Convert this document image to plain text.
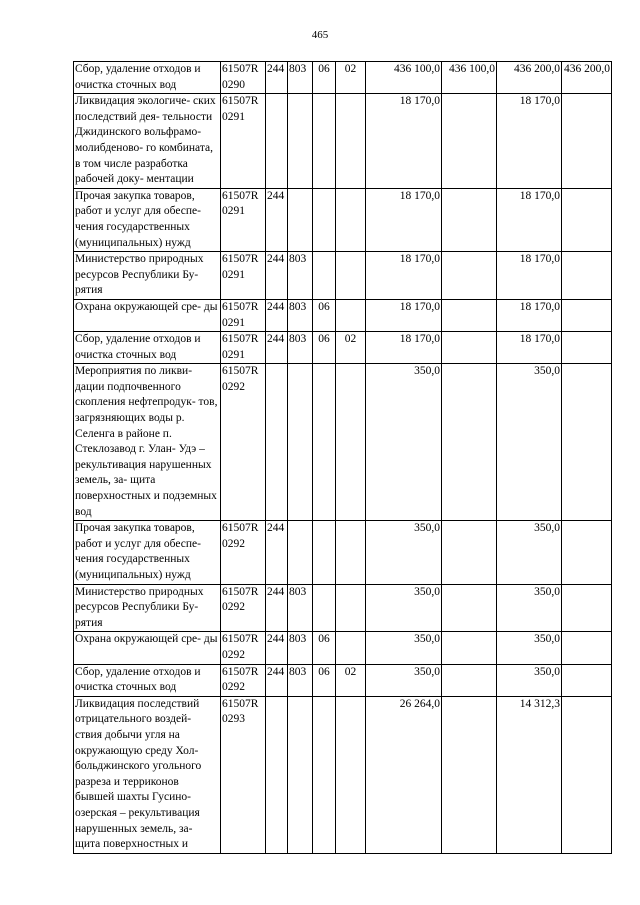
465
Сбор, удаление отходов и очистка сточных вод	61507R 0290	244	803	06	02	436 100,0	436 100,0	436 200,0	436 200,0
Ликвидация экологиче- ских последствий дея- тельности Джидинского вольфрамо-молибденово- го комбината, в том числе разработка рабочей доку- ментации	61507R 0291					18 170,0		18 170,0	
Прочая закупка товаров, работ и услуг для обеспе- чения государственных (муниципальных) нужд	61507R 0291	244				18 170,0		18 170,0	
Министерство природных ресурсов Республики Бу- рятия	61507R 0291	244	803			18 170,0		18 170,0	
Охрана окружающей сре- ды	61507R 0291	244	803	06		18 170,0		18 170,0	
Сбор, удаление отходов и очистка сточных вод	61507R 0291	244	803	06	02	18 170,0		18 170,0	
Мероприятия по ликви- дации подпочвенного скопления нефтепродук- тов, загрязняющих воды р. Селенга в районе п. Стеклозавод г. Улан- Удэ – рекультивация нарушенных земель, за- щита поверхностных и подземных вод	61507R 0292					350,0		350,0	
Прочая закупка товаров, работ и услуг для обеспе- чения государственных (муниципальных) нужд	61507R 0292	244				350,0		350,0	
Министерство природных ресурсов Республики Бу- рятия	61507R 0292	244	803			350,0		350,0	
Охрана окружающей сре- ды	61507R 0292	244	803	06		350,0		350,0	
Сбор, удаление отходов и очистка сточных вод	61507R 0292	244	803	06	02	350,0		350,0	
Ликвидация последствий отрицательного воздей- ствия добычи угля на окружающую среду Хол- больджинского угольного разреза и терриконов бывшей шахты Гусино- озерская – рекультивация нарушенных земель, за- щита поверхностных и	61507R 0293					26 264,0		14 312,3	
